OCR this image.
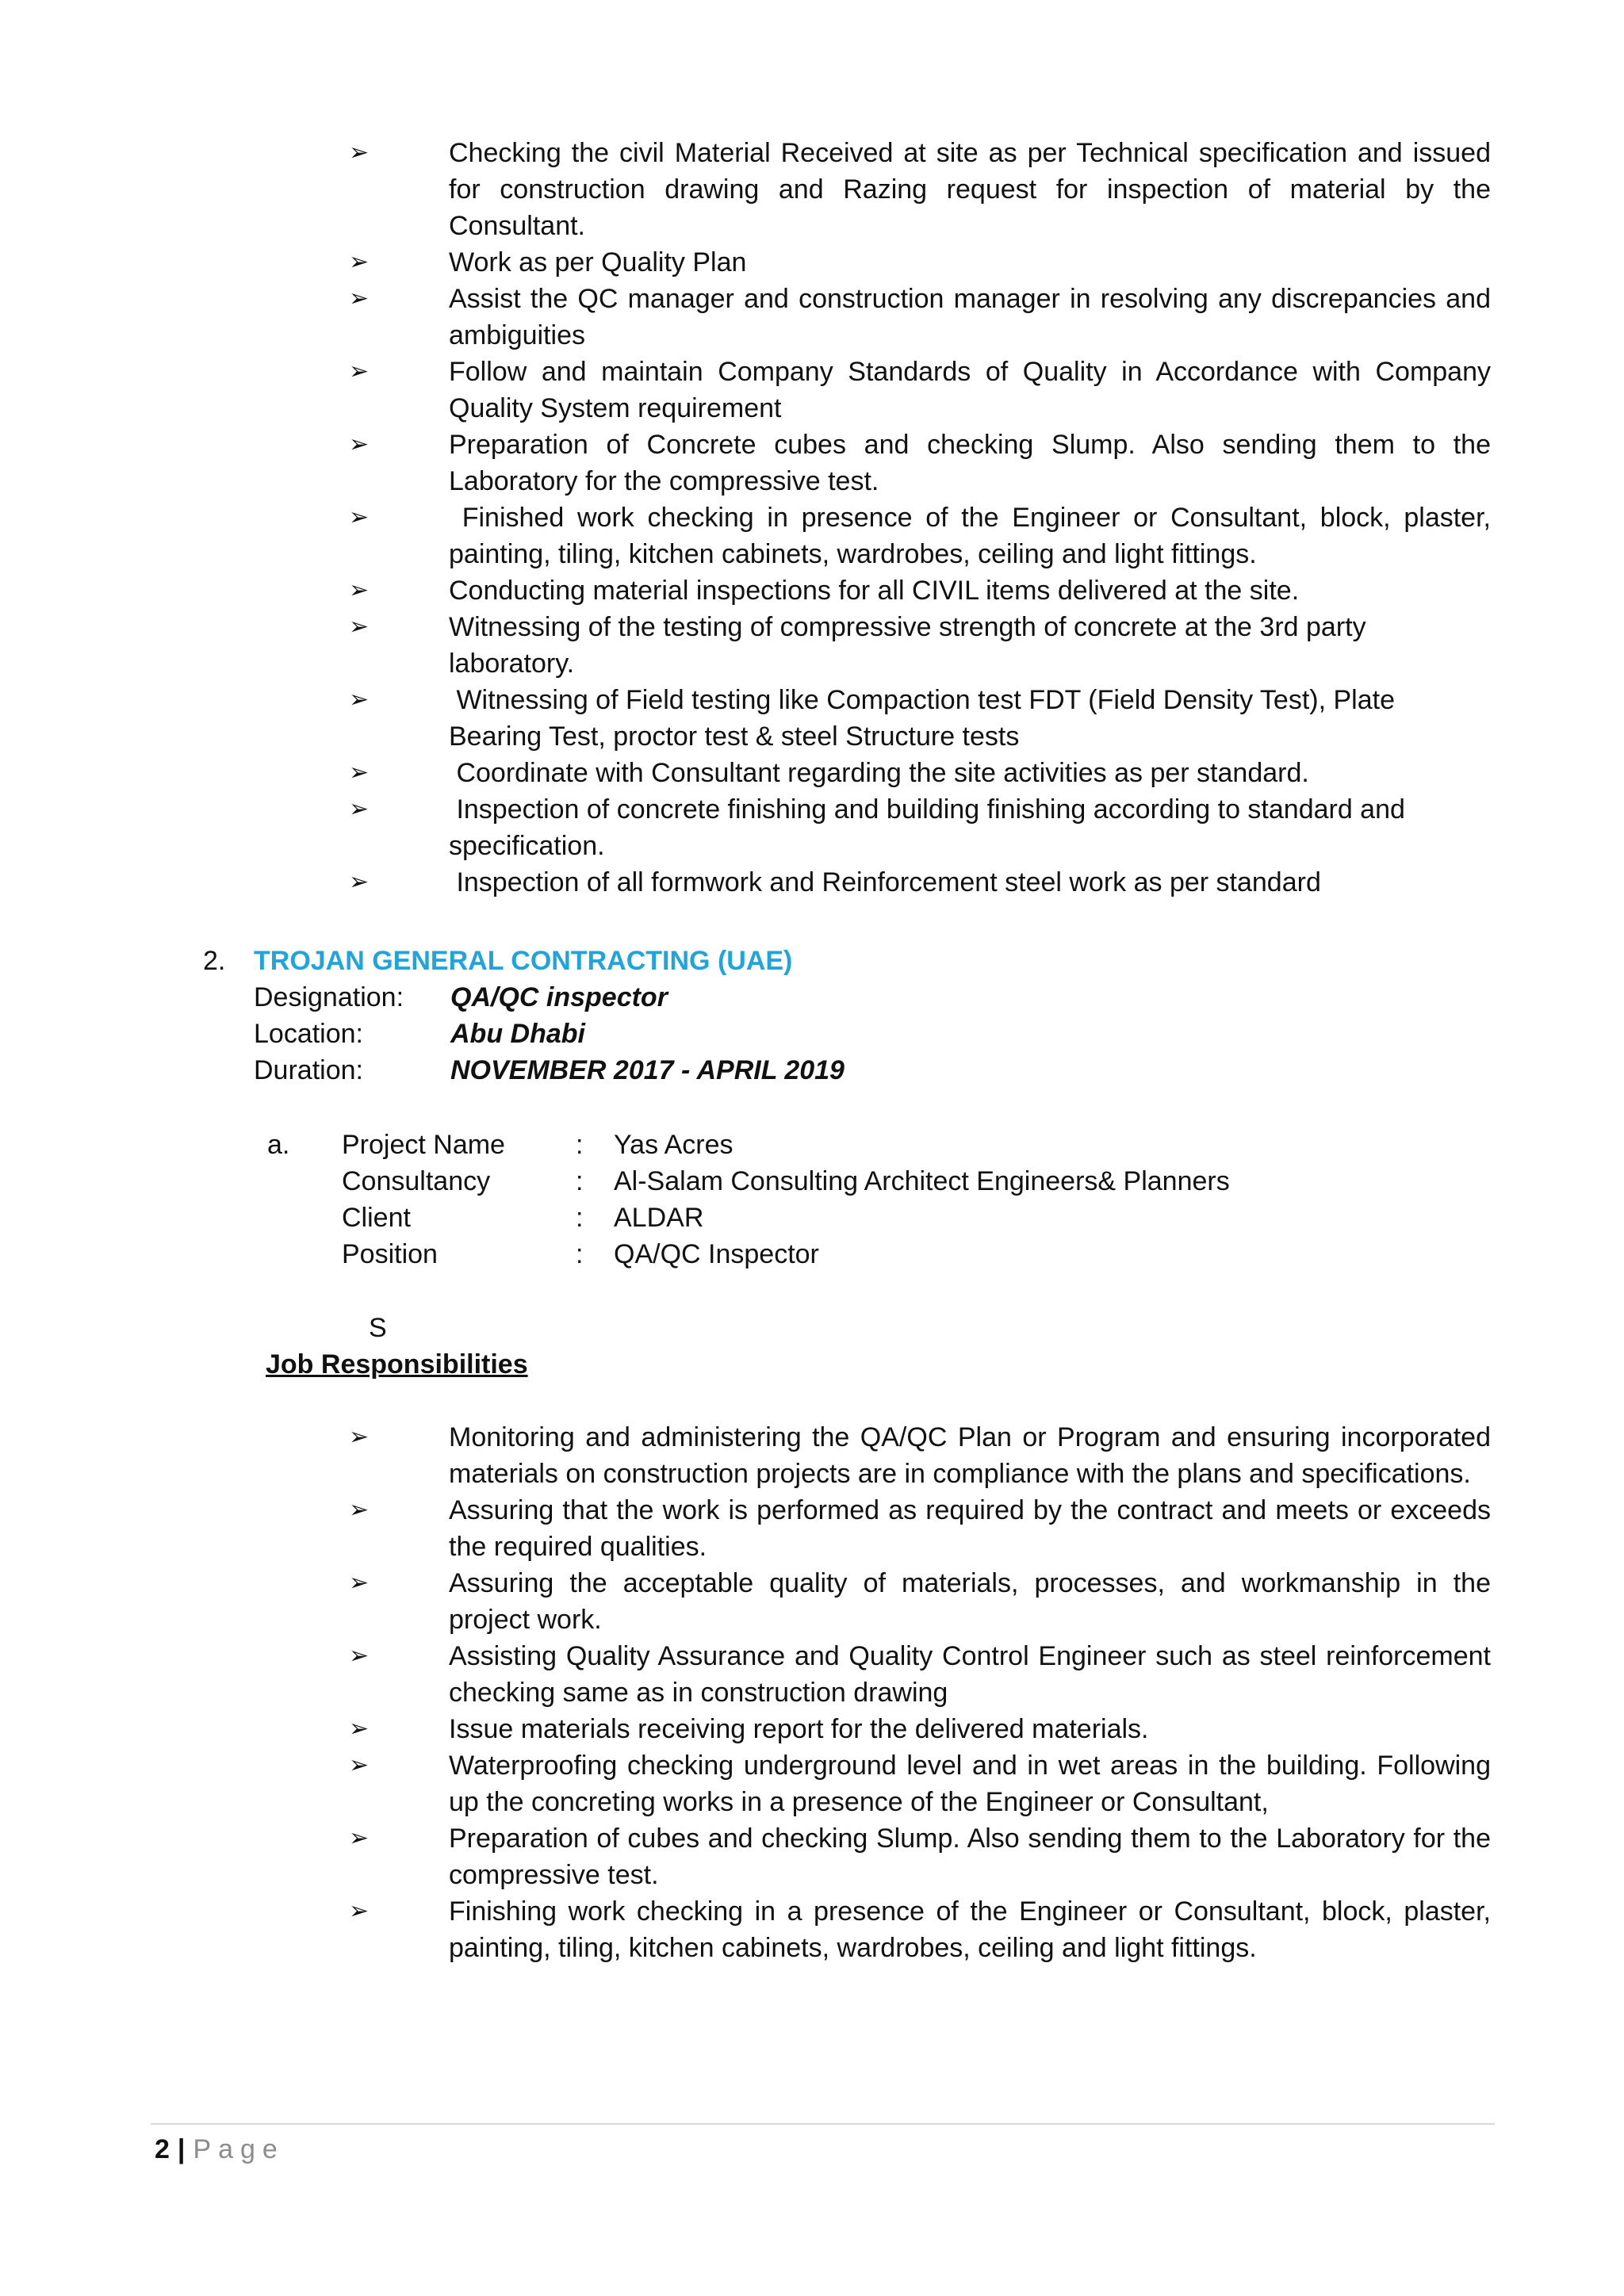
➢	Checking the civil Material Received at site as per Technical specification and issued for construction drawing and Razing request for inspection of material by the Consultant.
➢	Work as per Quality Plan
➢	Assist the QC manager and construction manager in resolving any discrepancies and ambiguities
➢	Follow and maintain Company Standards of Quality in Accordance with Company Quality System requirement
➢	Preparation of Concrete cubes and checking Slump. Also sending them to the Laboratory for the compressive test.
➢	Finished work checking in presence of the Engineer or Consultant, block, plaster, painting, tiling, kitchen cabinets, wardrobes, ceiling and light fittings.
➢	Conducting material inspections for all CIVIL items delivered at the site.
➢	Witnessing of the testing of compressive strength of concrete at the 3rd party laboratory.
➢	Witnessing of Field testing like Compaction test FDT (Field Density Test), Plate Bearing Test, proctor test & steel Structure tests
➢	Coordinate with Consultant regarding the site activities as per standard.
➢	Inspection of concrete finishing and building finishing according to standard and specification.
➢	Inspection of all formwork and Reinforcement steel work as per standard
2. TROJAN GENERAL CONTRACTING (UAE)
Designation: QA/QC inspector
Location:	Abu Dhabi
Duration:	NOVEMBER 2017 - APRIL 2019
a. Project Name	: Yas Acres
Consultancy	: Al-Salam Consulting Architect Engineers& Planners
Client	: ALDAR
Position	: QA/QC Inspector
S
Job Responsibilities
➢	Monitoring and administering the QA/QC Plan or Program and ensuring incorporated materials on construction projects are in compliance with the plans and specifications.
➢	Assuring that the work is performed as required by the contract and meets or exceeds the required qualities.
➢	Assuring the acceptable quality of materials, processes, and workmanship in the project work.
➢	Assisting Quality Assurance and Quality Control Engineer such as steel reinforcement checking same as in construction drawing
➢	Issue materials receiving report for the delivered materials.
➢	Waterproofing checking underground level and in wet areas in the building. Following up the concreting works in a presence of the Engineer or Consultant,
➢	Preparation of cubes and checking Slump. Also sending them to the Laboratory for the compressive test.
➢	Finishing work checking in a presence of the Engineer or Consultant, block, plaster, painting, tiling, kitchen cabinets, wardrobes, ceiling and light fittings.
2 | Page
